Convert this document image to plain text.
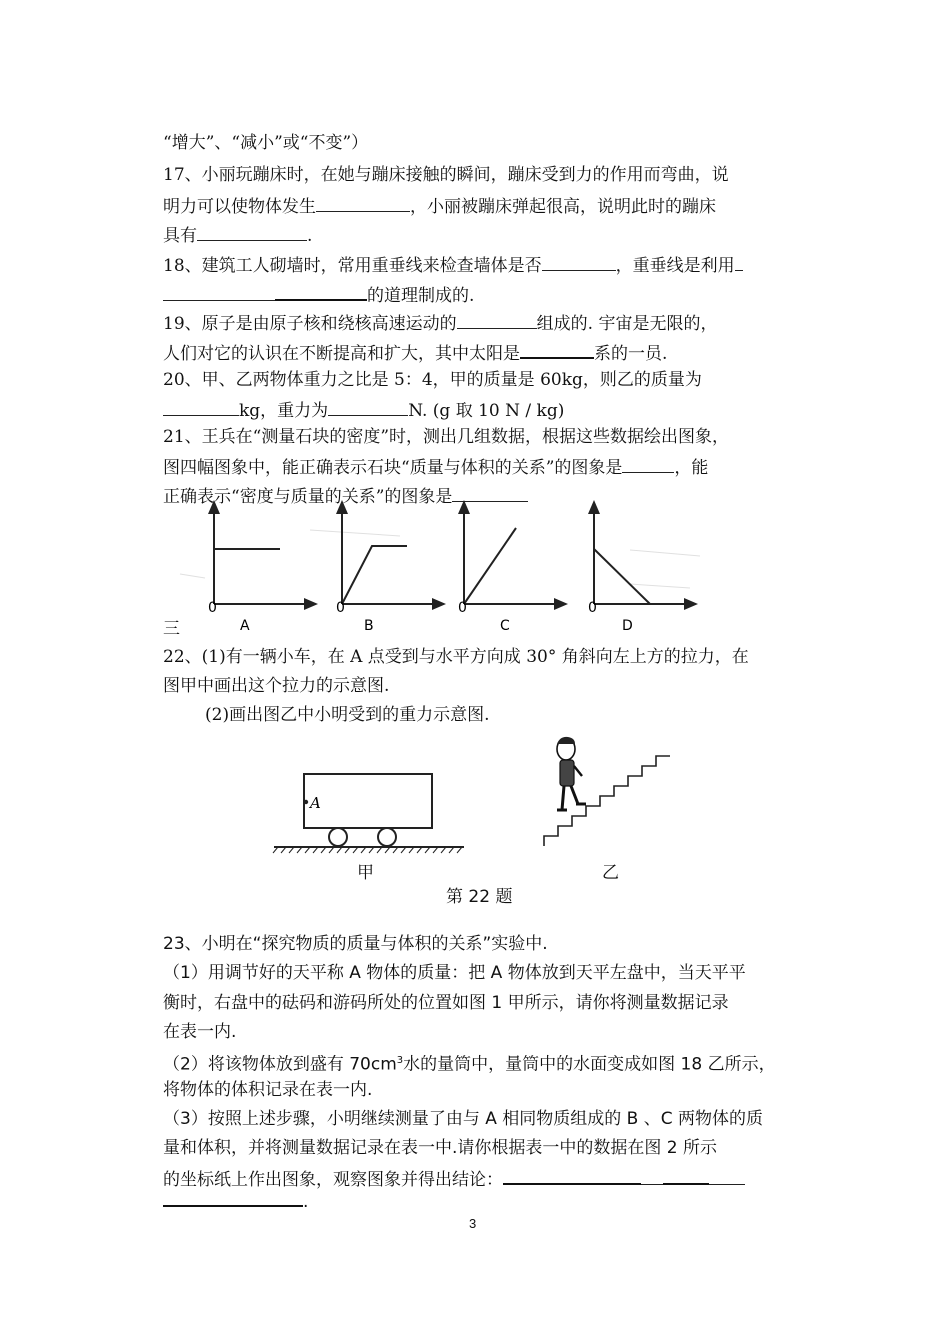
“增大”、“减小”或“不变”）
17、小丽玩蹦床时，在她与蹦床接触的瞬间，蹦床受到力的作用而弯曲，说
明力可以使物体发生	，小丽被蹦床弹起很高，说明此时的蹦床
具有	.
18、建筑工人砌墙时，常用重垂线来检查墙体是否	，重垂线是利用
的道理制成的.
19、原子是由原子核和绕核高速运动的	组成的. 宇宙是无限的，
人们对它的认识在不断提高和扩大，其中太阳是	系的一员.
20、甲、乙两物体重力之比是 5：4，甲的质量是 60kg，则乙的质量为
kg，重力为	N. (g 取 10 N / kg)
21、王兵在“测量石块的密度”时，测出几组数据，根据这些数据绘出图象，
图四幅图象中，能正确表示石块“质量与体积的关系”的图象是	，能
正确表示“密度与质量的关系”的图象是
0
A
0
B
0
C
0
D
三
22、(1)有一辆小车，在 A 点受到与水平方向成 30° 角斜向左上方的拉力，在
图甲中画出这个拉力的示意图.
(2)画出图乙中小明受到的重力示意图.
A
甲	乙
第 22 题
23、小明在“探究物质的质量与体积的关系”实验中.
（1）用调节好的天平称 A 物体的质量：把 A 物体放到天平左盘中，当天平平
衡时，右盘中的砝码和游码所处的位置如图 1 甲所示，请你将测量数据记录
在表一内.
（2）将该物体放到盛有 $70cm^3$水的量筒中，量筒中的水面变成如图 18 乙所示，
将物体的体积记录在表一内.
（3）按照上述步骤，小明继续测量了由与 A 相同物质组成的 B 、C 两物体的质
量和体积，并将测量数据记录在表一中.请你根据表一中的数据在图 2 所示
的坐标纸上作出图象，观察图象并得出结论：
.
3
